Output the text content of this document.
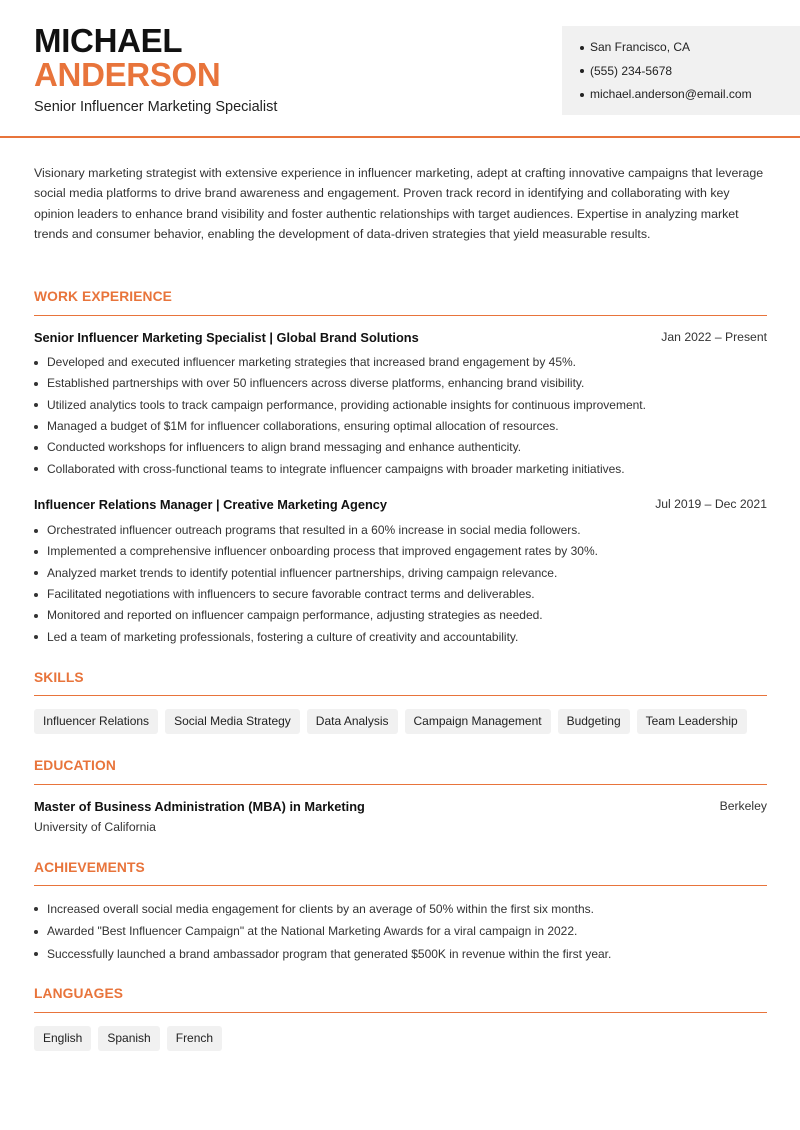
MICHAEL
ANDERSON
Senior Influencer Marketing Specialist
San Francisco, CA
(555) 234-5678
michael.anderson@email.com
Visionary marketing strategist with extensive experience in influencer marketing, adept at crafting innovative campaigns that leverage social media platforms to drive brand awareness and engagement. Proven track record in identifying and collaborating with key opinion leaders to enhance brand visibility and foster authentic relationships with target audiences. Expertise in analyzing market trends and consumer behavior, enabling the development of data-driven strategies that yield measurable results.
WORK EXPERIENCE
Senior Influencer Marketing Specialist | Global Brand Solutions	Jan 2022 – Present
Developed and executed influencer marketing strategies that increased brand engagement by 45%.
Established partnerships with over 50 influencers across diverse platforms, enhancing brand visibility.
Utilized analytics tools to track campaign performance, providing actionable insights for continuous improvement.
Managed a budget of $1M for influencer collaborations, ensuring optimal allocation of resources.
Conducted workshops for influencers to align brand messaging and enhance authenticity.
Collaborated with cross-functional teams to integrate influencer campaigns with broader marketing initiatives.
Influencer Relations Manager | Creative Marketing Agency	Jul 2019 – Dec 2021
Orchestrated influencer outreach programs that resulted in a 60% increase in social media followers.
Implemented a comprehensive influencer onboarding process that improved engagement rates by 30%.
Analyzed market trends to identify potential influencer partnerships, driving campaign relevance.
Facilitated negotiations with influencers to secure favorable contract terms and deliverables.
Monitored and reported on influencer campaign performance, adjusting strategies as needed.
Led a team of marketing professionals, fostering a culture of creativity and accountability.
SKILLS
Influencer Relations	Social Media Strategy	Data Analysis	Campaign Management	Budgeting	Team Leadership
EDUCATION
Master of Business Administration (MBA) in Marketing	Berkeley
University of California
ACHIEVEMENTS
Increased overall social media engagement for clients by an average of 50% within the first six months.
Awarded "Best Influencer Campaign" at the National Marketing Awards for a viral campaign in 2022.
Successfully launched a brand ambassador program that generated $500K in revenue within the first year.
LANGUAGES
English	Spanish	French
